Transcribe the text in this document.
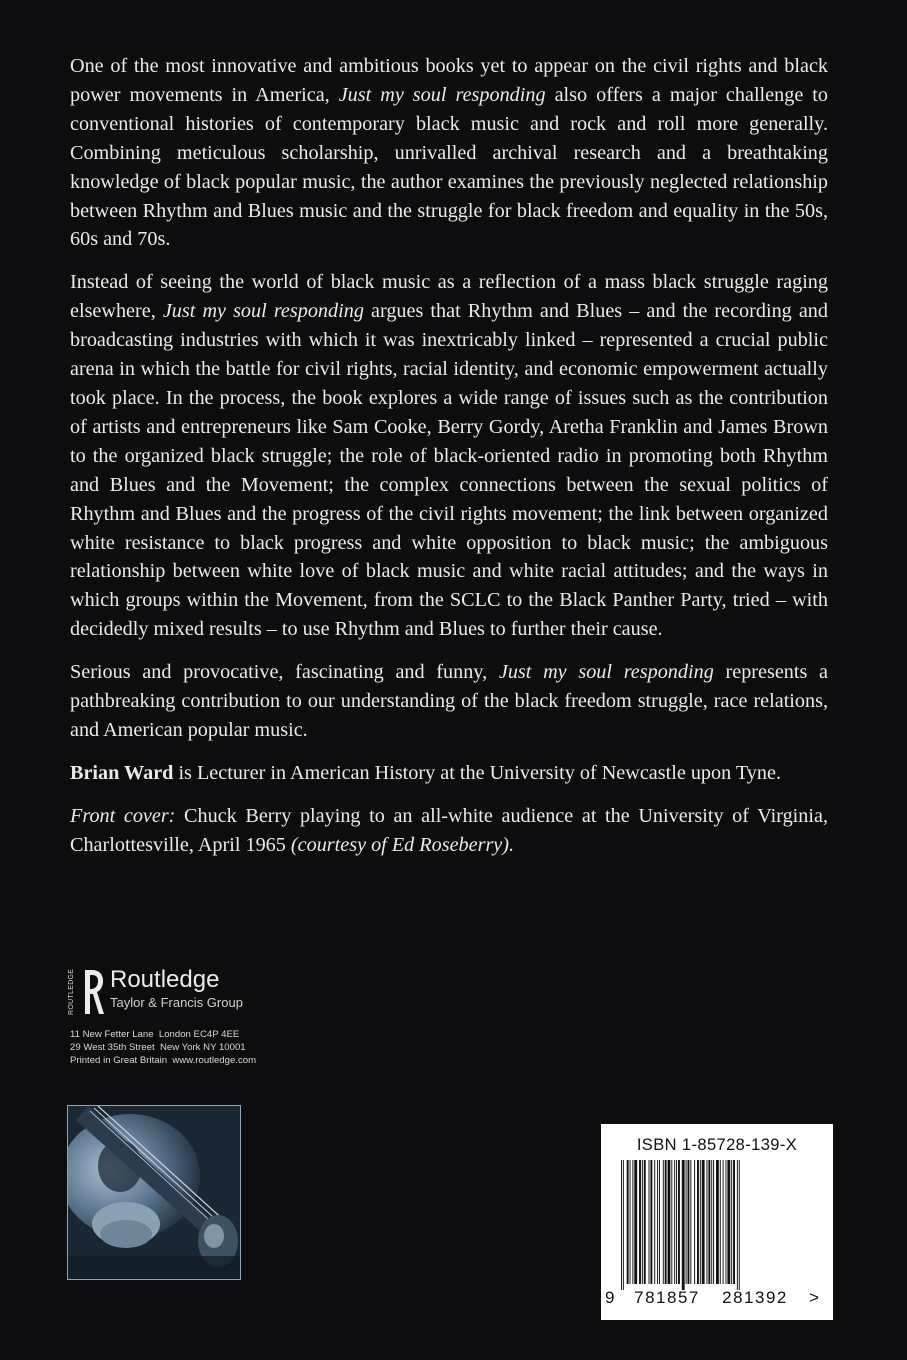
One of the most innovative and ambitious books yet to appear on the civil rights and black power movements in America, Just my soul responding also offers a major challenge to conventional histories of contemporary black music and rock and roll more generally. Combining meticulous scholarship, unrivalled archival research and a breathtaking knowledge of black popular music, the author examines the previously neglected relationship between Rhythm and Blues music and the struggle for black freedom and equality in the 50s, 60s and 70s.

Instead of seeing the world of black music as a reflection of a mass black struggle raging elsewhere, Just my soul responding argues that Rhythm and Blues – and the recording and broadcasting industries with which it was inextricably linked – represented a crucial public arena in which the battle for civil rights, racial identity, and economic empowerment actually took place. In the process, the book explores a wide range of issues such as the contribution of artists and entrepreneurs like Sam Cooke, Berry Gordy, Aretha Franklin and James Brown to the organized black struggle; the role of black-oriented radio in promoting both Rhythm and Blues and the Movement; the complex connections between the sexual politics of Rhythm and Blues and the progress of the civil rights movement; the link between organized white resistance to black progress and white opposition to black music; the ambiguous relationship between white love of black music and white racial attitudes; and the ways in which groups within the Movement, from the SCLC to the Black Panther Party, tried – with decidedly mixed results – to use Rhythm and Blues to further their cause.

Serious and provocative, fascinating and funny, Just my soul responding represents a pathbreaking contribution to our understanding of the black freedom struggle, race relations, and American popular music.

Brian Ward is Lecturer in American History at the University of Newcastle upon Tyne.

Front cover: Chuck Berry playing to an all-white audience at the University of Virginia, Charlottesville, April 1965 (courtesy of Ed Roseberry).

ROUTLEDGE Routledge
Taylor & Francis Group
11 New Fetter Lane  London EC4P 4EE
29 West 35th Street  New York NY 10001
Printed in Great Britain  www.routledge.com
ISBN 1-85728-139-X
9	781857	281392	>
